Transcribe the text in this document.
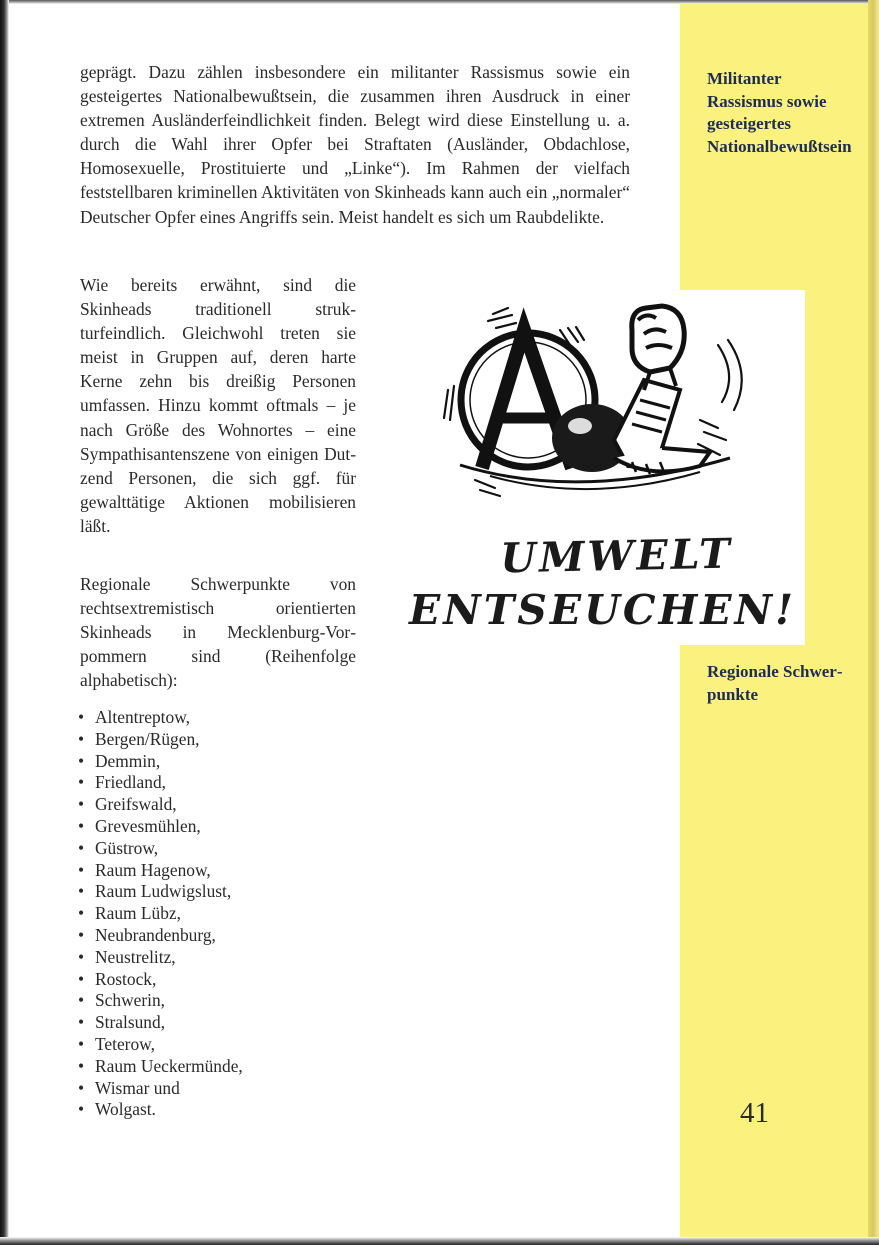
geprägt. Dazu zählen insbesondere ein militanter Rassismus sowie ein gesteigertes Nationalbewußtsein, die zusammen ihren Ausdruck in einer extremen Ausländerfeindlichkeit finden. Belegt wird diese Einstellung u. a. durch die Wahl ihrer Opfer bei Straftaten (Ausländer, Obdachlose, Homosexuelle, Prostituierte und „Linke“). Im Rahmen der vielfach feststellbaren kriminellen Aktivitäten von Skinheads kann auch ein „normaler“ Deutscher Opfer eines Angriffs sein. Meist handelt es sich um Raubdelikte.

Wie bereits erwähnt, sind die Skinheads traditionell strukturfeindlich. Gleichwohl treten sie meist in Gruppen auf, deren harte Kerne zehn bis dreißig Personen umfassen. Hinzu kommt oftmals – je nach Größe des Wohnortes – eine Sympathisantenszene von einigen Dutzend Personen, die sich ggf. für gewalttätige Aktionen mobilisieren läßt.

Regionale Schwerpunkte von rechtsextremistisch orientierten Skinheads in Mecklenburg-Vorpommern sind (Reihenfolge alphabetisch):

• Altentreptow,
• Bergen/Rügen,
• Demmin,
• Friedland,
• Greifswald,
• Grevesmühlen,
• Güstrow,
• Raum Hagenow,
• Raum Ludwigslust,
• Raum Lübz,
• Neubrandenburg,
• Neustrelitz,
• Rostock,
• Schwerin,
• Stralsund,
• Teterow,
• Raum Ueckermünde,
• Wismar und
• Wolgast.
Militanter Rassismus sowie gesteigertes Nationalbewußtsein
Regionale Schwerpunkte
UMWELT
ENTSEUCHEN!
41
